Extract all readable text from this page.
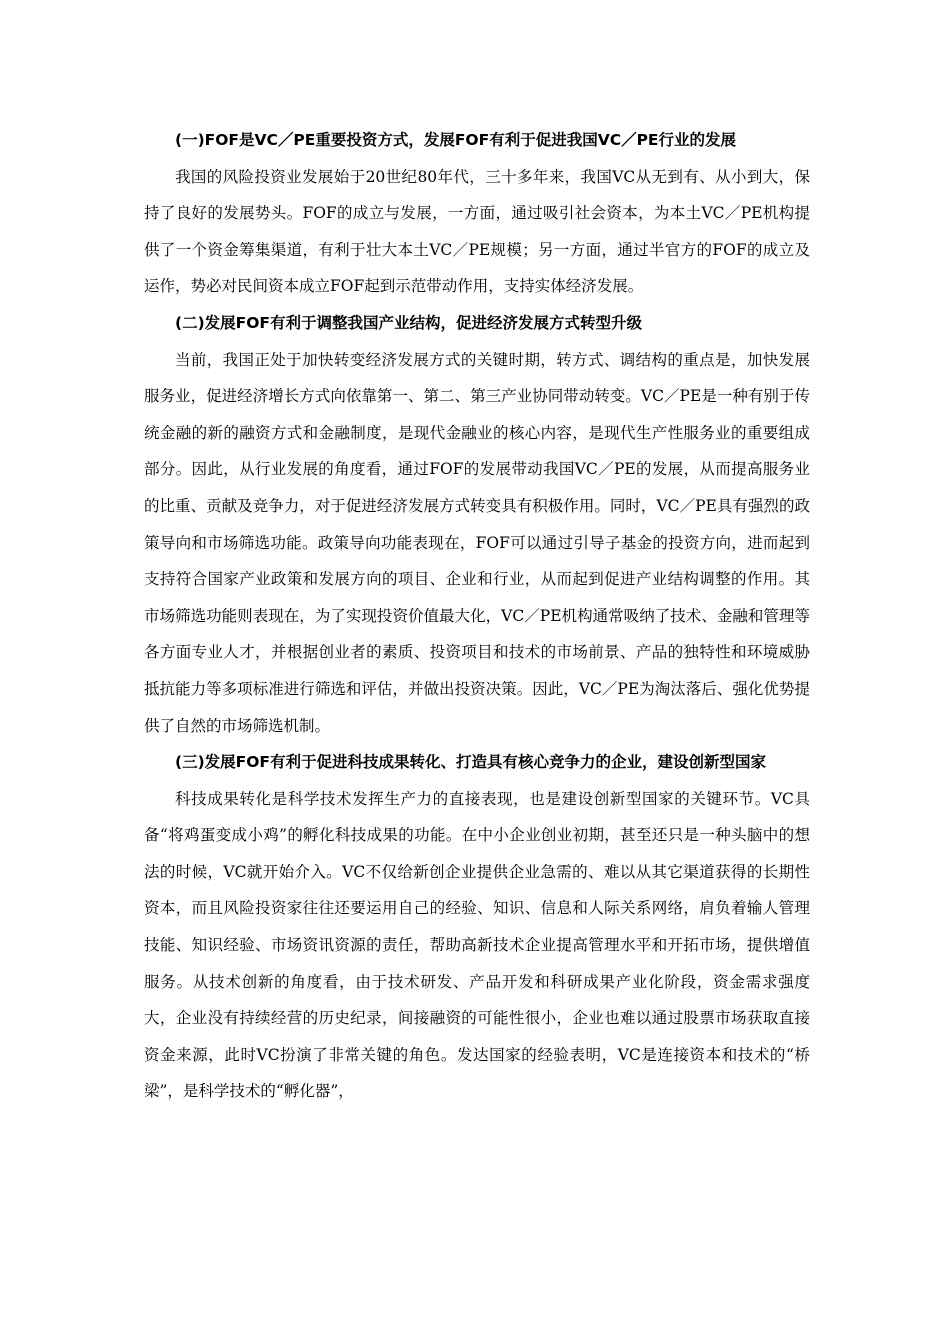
(一)FOF是VC／PE重要投资方式，发展FOF有利于促进我国VC／PE行业的发展

我国的风险投资业发展始于20世纪80年代，三十多年来，我国VC从无到有、从小到大，保持了良好的发展势头。FOF的成立与发展，一方面，通过吸引社会资本，为本土VC／PE机构提供了一个资金筹集渠道，有利于壮大本土VC／PE规模；另一方面，通过半官方的FOF的成立及运作，势必对民间资本成立FOF起到示范带动作用，支持实体经济发展。

(二)发展FOF有利于调整我国产业结构，促进经济发展方式转型升级

当前，我国正处于加快转变经济发展方式的关键时期，转方式、调结构的重点是，加快发展服务业，促进经济增长方式向依靠第一、第二、第三产业协同带动转变。VC／PE是一种有别于传统金融的新的融资方式和金融制度，是现代金融业的核心内容，是现代生产性服务业的重要组成部分。因此，从行业发展的角度看，通过FOF的发展带动我国VC／PE的发展，从而提高服务业的比重、贡献及竞争力，对于促进经济发展方式转变具有积极作用。同时，VC／PE具有强烈的政策导向和市场筛选功能。政策导向功能表现在，FOF可以通过引导子基金的投资方向，进而起到支持符合国家产业政策和发展方向的项目、企业和行业，从而起到促进产业结构调整的作用。其市场筛选功能则表现在，为了实现投资价值最大化，VC／PE机构通常吸纳了技术、金融和管理等各方面专业人才，并根据创业者的素质、投资项目和技术的市场前景、产品的独特性和环境威胁抵抗能力等多项标准进行筛选和评估，并做出投资决策。因此，VC／PE为淘汰落后、强化优势提供了自然的市场筛选机制。

(三)发展FOF有利于促进科技成果转化、打造具有核心竞争力的企业，建设创新型国家

科技成果转化是科学技术发挥生产力的直接表现，也是建设创新型国家的关键环节。VC具备“将鸡蛋变成小鸡”的孵化科技成果的功能。在中小企业创业初期，甚至还只是一种头脑中的想法的时候，VC就开始介入。VC不仅给新创企业提供企业急需的、难以从其它渠道获得的长期性资本，而且风险投资家往往还要运用自己的经验、知识、信息和人际关系网络，肩负着输人管理技能、知识经验、市场资讯资源的责任，帮助高新技术企业提高管理水平和开拓市场，提供增值服务。从技术创新的角度看，由于技术研发、产品开发和科研成果产业化阶段，资金需求强度大，企业没有持续经营的历史纪录，间接融资的可能性很小，企业也难以通过股票市场获取直接资金来源，此时VC扮演了非常关键的角色。发达国家的经验表明，VC是连接资本和技术的“桥梁”，是科学技术的“孵化器”，
